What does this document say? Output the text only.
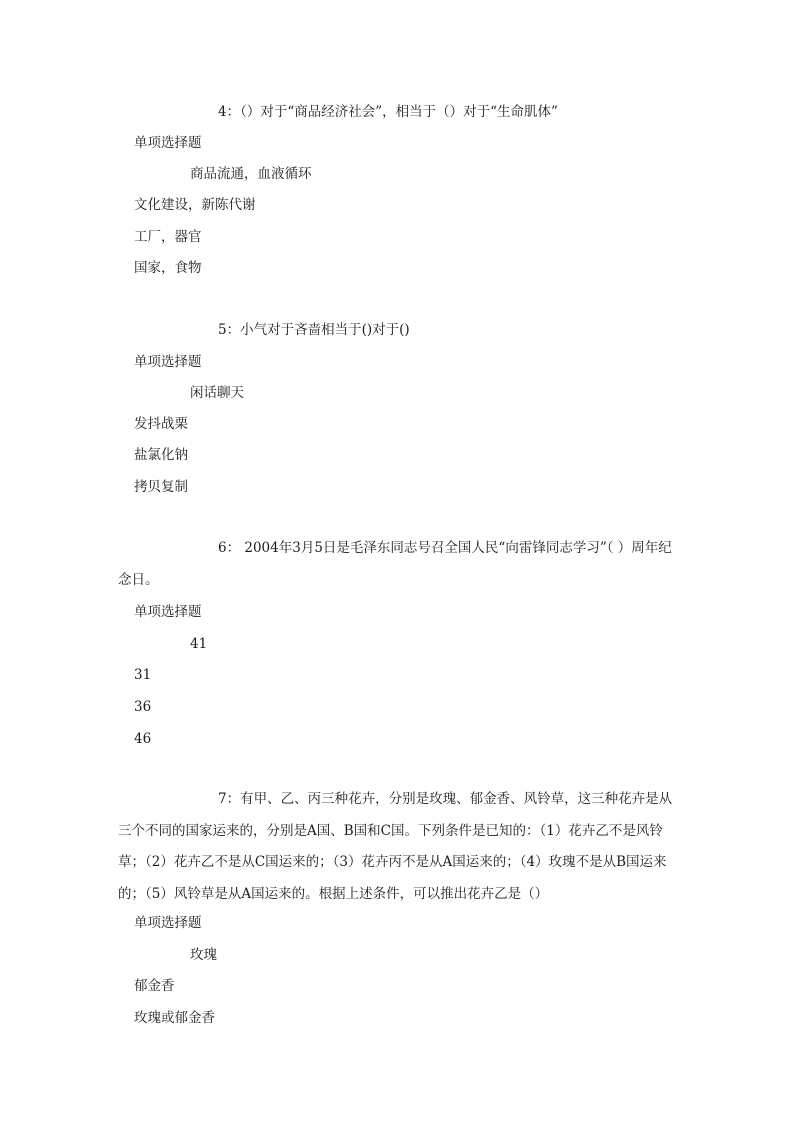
4：（）对于“商品经济社会”，相当于（）对于“生命肌体”
单项选择题
商品流通，血液循环
文化建设，新陈代谢
工厂，器官
国家，食物
5：小气对于吝啬相当于()对于()
单项选择题
闲话聊天
发抖战栗
盐氯化钠
拷贝复制
6： 2004年3月5日是毛泽东同志号召全国人民“向雷锋同志学习”（ ）周年纪念日。
单项选择题
41
31
36
46
7：有甲、乙、丙三种花卉，分别是玫瑰、郁金香、风铃草，这三种花卉是从三个不同的国家运来的，分别是A国、B国和C国。下列条件是已知的：（1）花卉乙不是风铃草；（2）花卉乙不是从C国运来的；（3）花卉丙不是从A国运来的；（4）玫瑰不是从B国运来的；（5）风铃草是从A国运来的。根据上述条件，可以推出花卉乙是（）
单项选择题
玫瑰
郁金香
玫瑰或郁金香
